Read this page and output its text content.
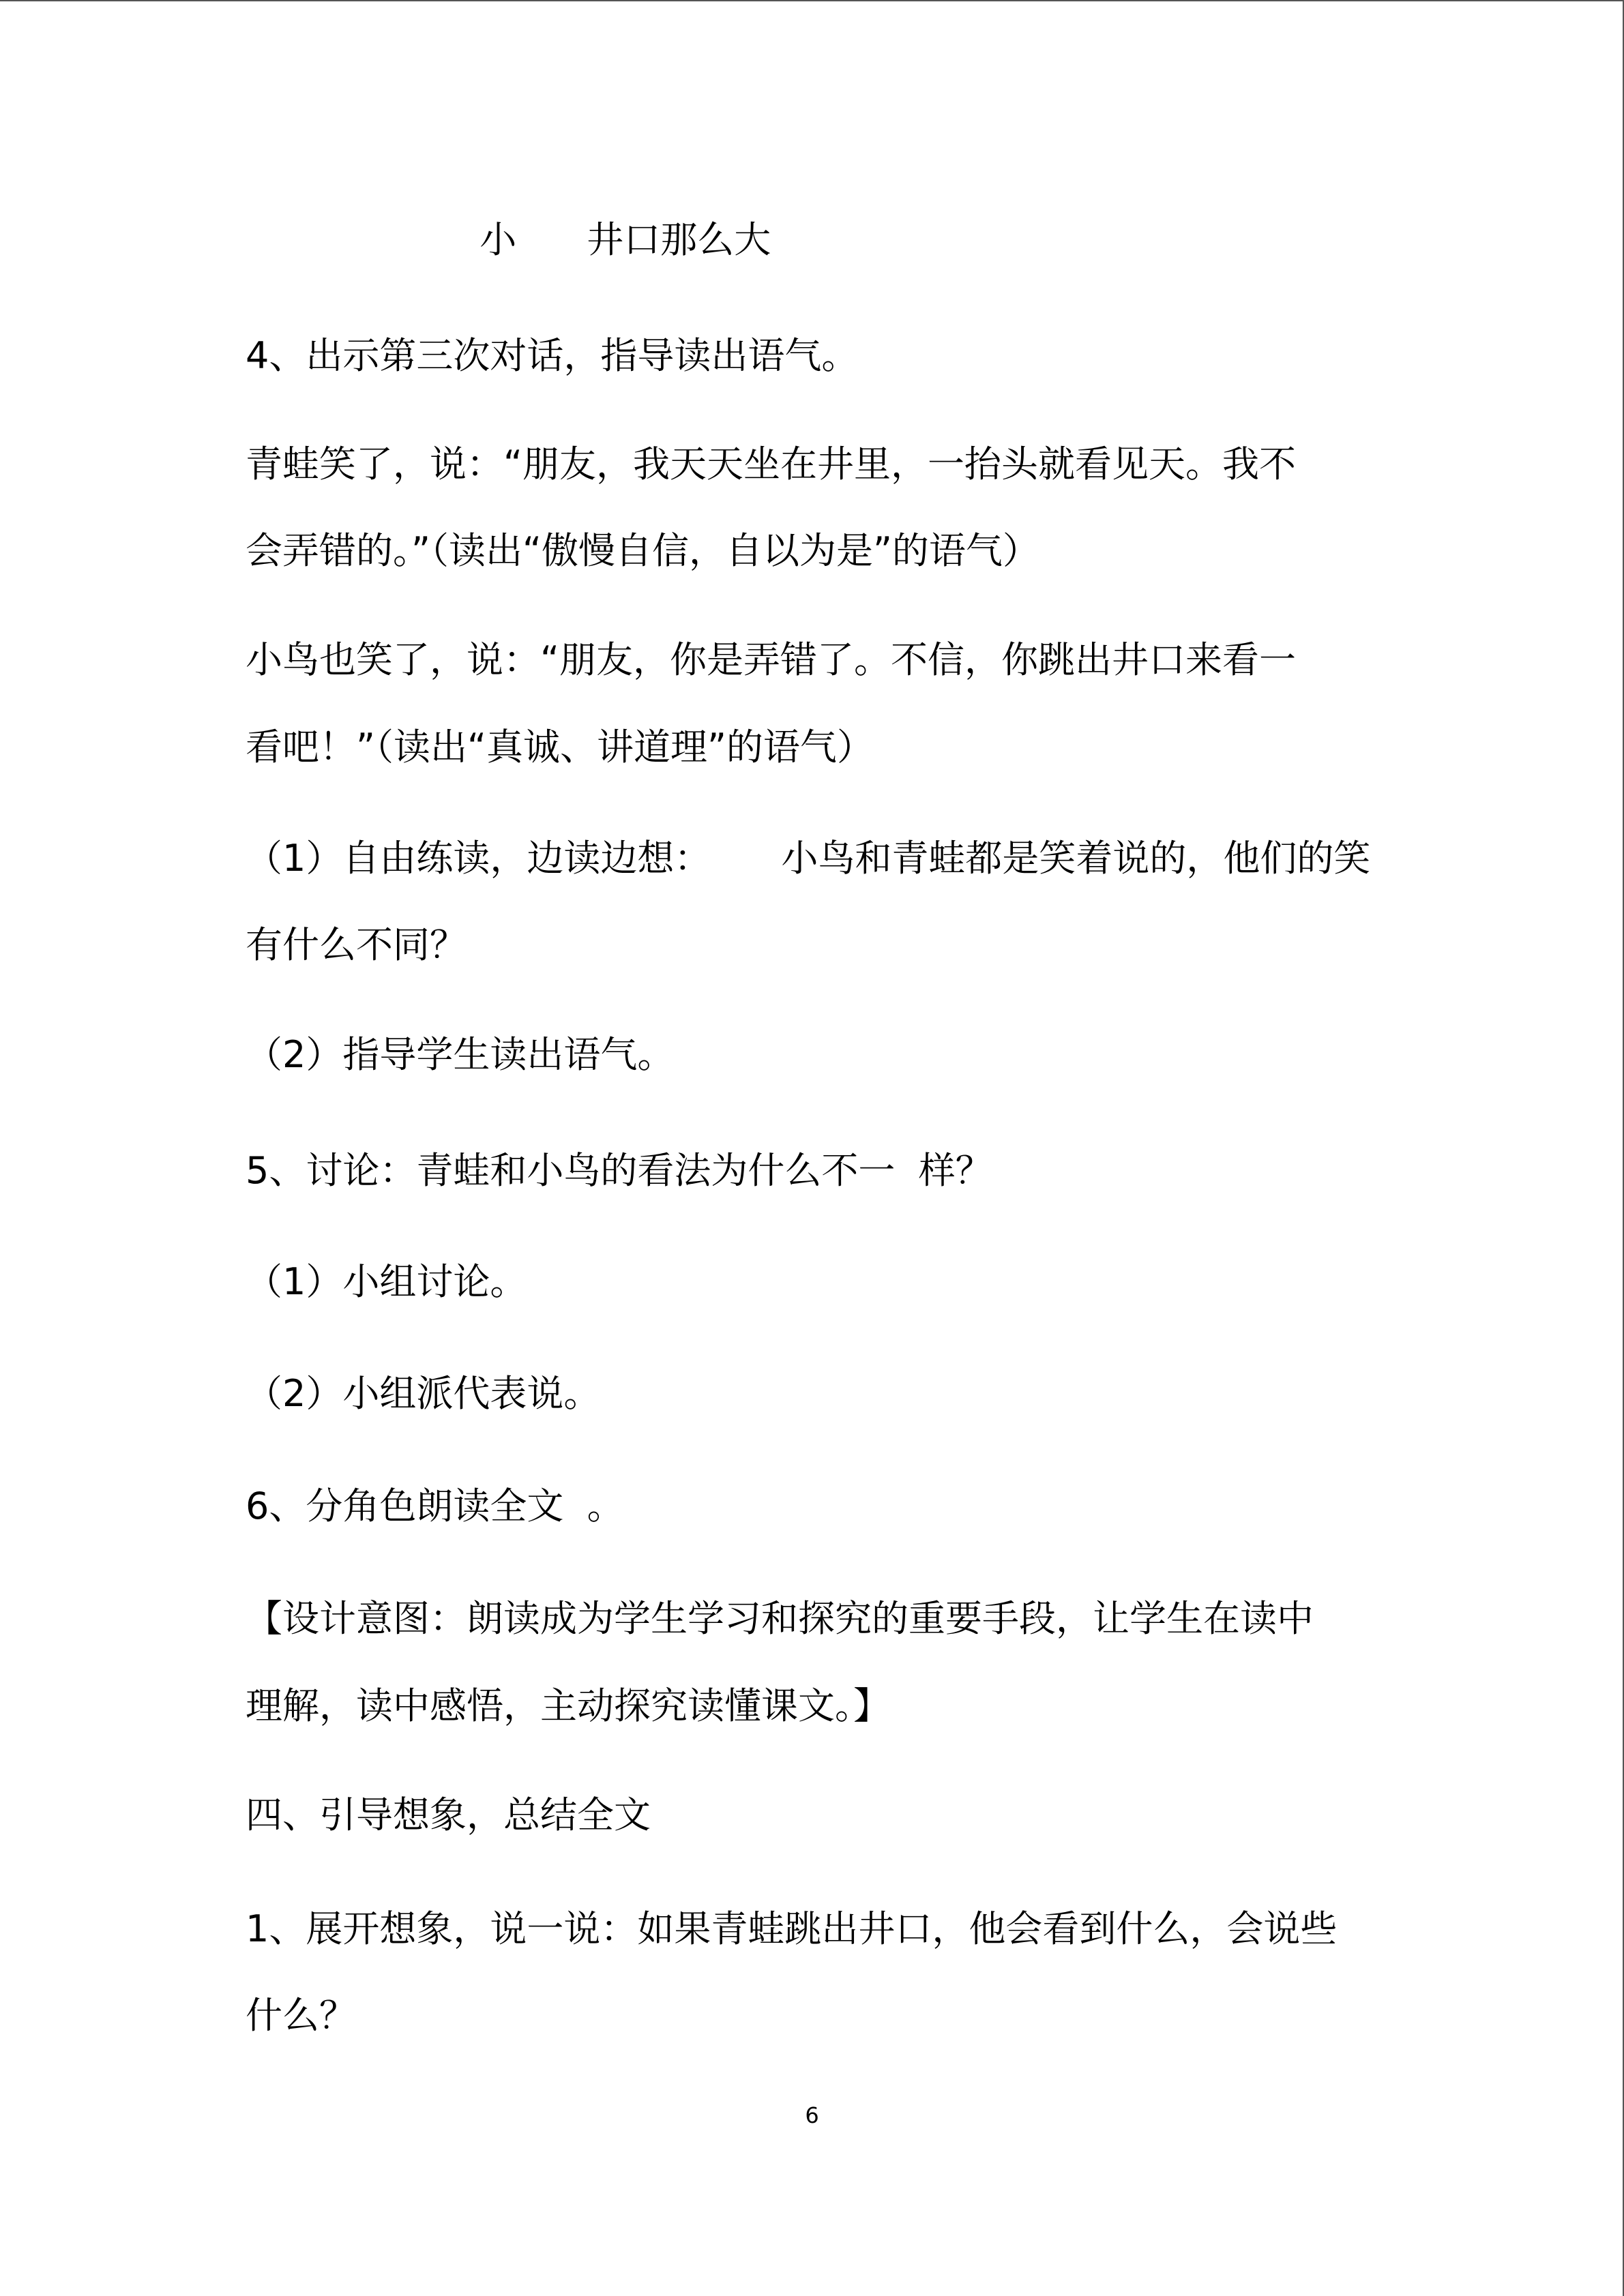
小      井口那么大

4、出示第三次对话，指导读出语气。

青蛙笑了，说：“朋友，我天天坐在井里，一抬头就看见天。我不

会弄错的。”（读出“傲慢自信，自以为是”的语气）

小鸟也笑了，说：“朋友，你是弄错了。不信，你跳出井口来看一

看吧！”（读出“真诚、讲道理”的语气）

（1）自由练读，边读边想：      小鸟和青蛙都是笑着说的，他们的笑

有什么不同？

（2）指导学生读出语气。

5、讨论：青蛙和小鸟的看法为什么不一  样？

（1）小组讨论。

（2）小组派代表说。

6、分角色朗读全文  。

【设计意图：朗读成为学生学习和探究的重要手段，让学生在读中

理解，读中感悟，主动探究读懂课文。】

四、引导想象，总结全文

1、展开想象，说一说：如果青蛙跳出井口，他会看到什么，会说些

什么？

6
